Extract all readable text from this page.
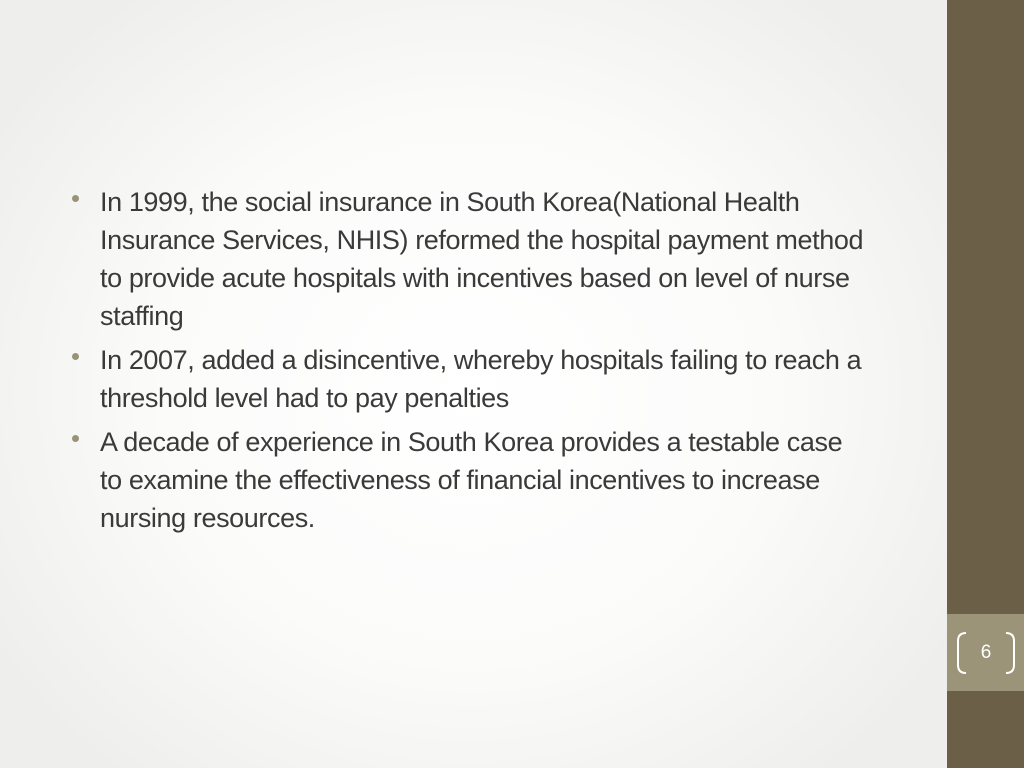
In 1999, the social insurance in South Korea(National Health Insurance Services, NHIS) reformed the hospital payment method to provide acute hospitals with incentives based on level of nurse staffing
In 2007, added a disincentive, whereby hospitals failing to reach a threshold level had to pay penalties
A decade of experience in South Korea provides a testable case to examine the effectiveness of financial incentives to increase nursing resources.
6
